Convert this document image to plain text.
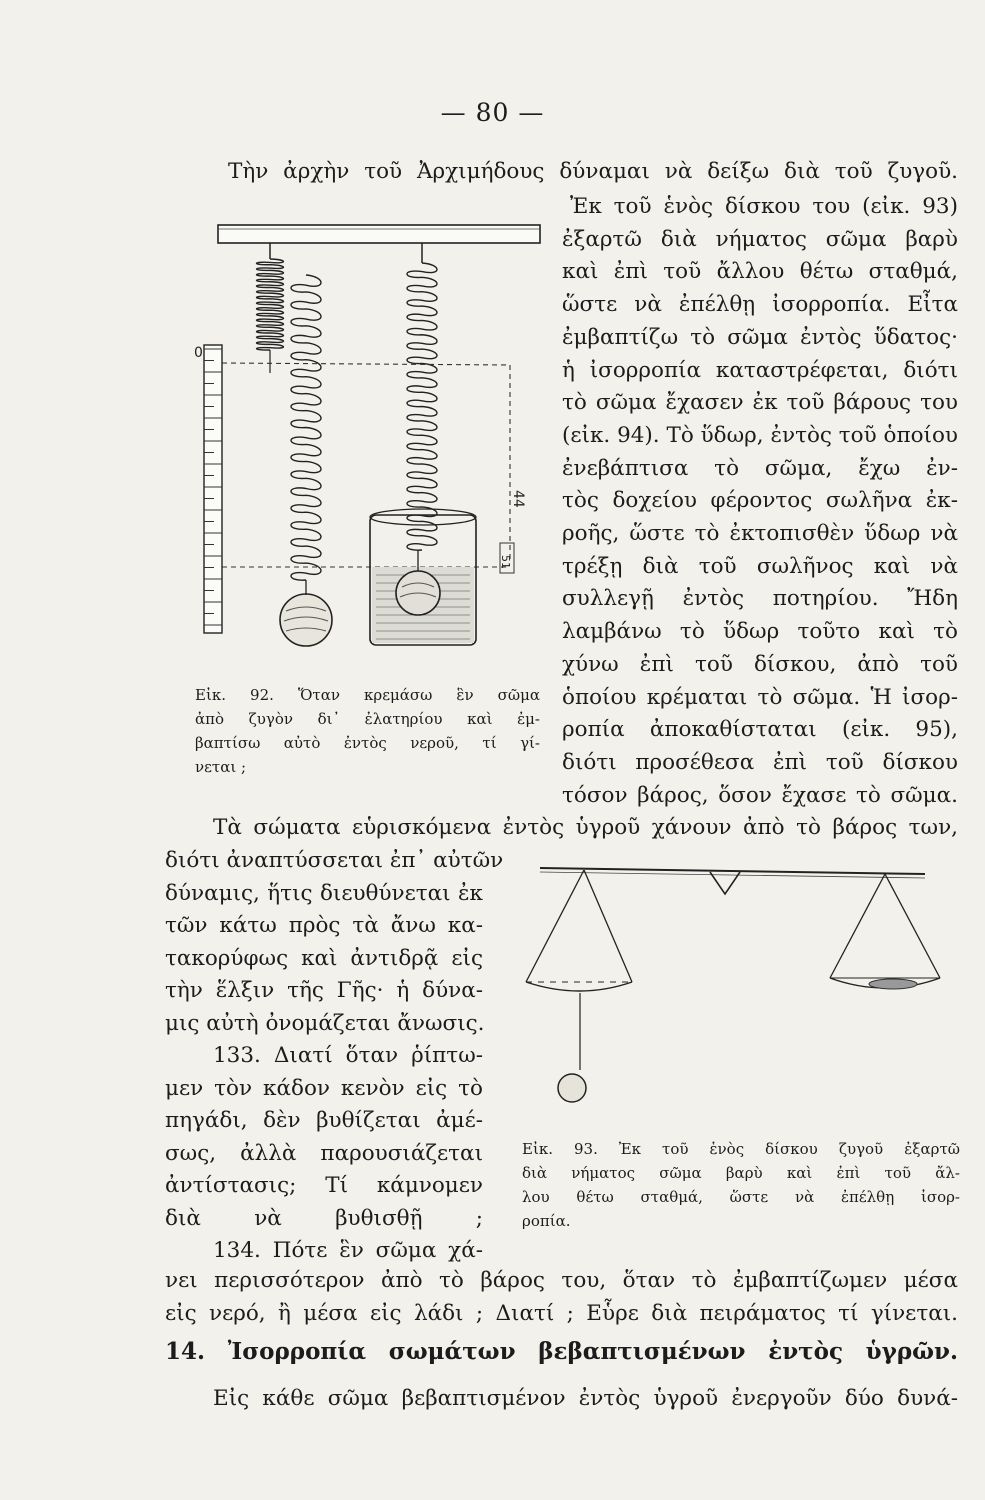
— 80 —
Τὴν ἀρχὴν τοῦ Ἀρχιμήδους δύναμαι νὰ δείξω διὰ τοῦ ζυγοῦ.
Ἐκ τοῦ ἑνὸς δίσκου του (εἰκ. 93)
ἐξαρτῶ διὰ νήματος σῶμα βαρὺ
καὶ ἐπὶ τοῦ ἄλλου θέτω σταθμά,
ὥστε νὰ ἐπέλθῃ ἰσορροπία. Εἶτα
ἐμβαπτίζω τὸ σῶμα ἐντὸς ὕδατος·
ἡ ἰσορροπία καταστρέφεται, διότι
τὸ σῶμα ἔχασεν ἐκ τοῦ βάρους του
(εἰκ. 94). Τὸ ὕδωρ, ἐντὸς τοῦ ὁποίου
ἐνεβάπτισα τὸ σῶμα, ἔχω ἐν-
τὸς δοχείου φέροντος σωλῆνα ἐκ-
ροῆς, ὥστε τὸ ἐκτοπισθὲν ὕδωρ νὰ
τρέξῃ διὰ τοῦ σωλῆνος καὶ νὰ
συλλεγῇ ἐντὸς ποτηρίου. Ἤδη
λαμβάνω τὸ ὕδωρ τοῦτο καὶ τὸ
χύνω ἐπὶ τοῦ δίσκου, ἀπὸ τοῦ
ὁποίου κρέμαται τὸ σῶμα. Ἡ ἰσορ-
ροπία ἀποκαθίσταται (εἰκ. 95),
διότι προσέθεσα ἐπὶ τοῦ δίσκου
τόσον βάρος, ὅσον ἔχασε τὸ σῶμα.
0
44
51
Εἰκ. 92. Ὅταν κρεμάσω ἓν σῶμα
ἀπὸ ζυγὸν δι᾽ ἐλατηρίου καὶ ἐμ-
βαπτίσω αὐτὸ ἐντὸς νεροῦ, τί γί-
νεται ;
Τὰ σώματα εὑρισκόμενα ἐντὸς ὑγροῦ χάνουν ἀπὸ τὸ βάρος των,
διότι ἀναπτύσσεται ἐπ᾽ αὐτῶν
δύναμις, ἥτις διευθύνεται ἐκ
τῶν κάτω πρὸς τὰ ἄνω κα-
τακορύφως καὶ ἀντιδρᾷ εἰς
τὴν ἕλξιν τῆς Γῆς· ἡ δύνα-
μις αὐτὴ ὀνομάζεται ἄνωσις.
133. Διατί ὅταν ῥίπτω-
μεν τὸν κάδον κενὸν εἰς τὸ
πηγάδι, δὲν βυθίζεται ἀμέ-
σως, ἀλλὰ παρουσιάζεται
ἀντίστασις; Τί κάμνομεν
διὰ νὰ βυθισθῇ ;
134. Πότε ἓν σῶμα χά-
Εἰκ. 93. Ἐκ τοῦ ἑνὸς δίσκου ζυγοῦ ἐξαρτῶ
διὰ νήματος σῶμα βαρὺ καὶ ἐπὶ τοῦ ἄλ-
λου θέτω σταθμά, ὥστε νὰ ἐπέλθῃ ἰσορ-
ροπία.
νει περισσότερον ἀπὸ τὸ βάρος του, ὅταν τὸ ἐμβαπτίζωμεν μέσα
εἰς νερό, ἢ μέσα εἰς λάδι ; Διατί ; Εὗρε διὰ πειράματος τί γίνεται.
14. Ἰσορροπία σωμάτων βεβαπτισμένων ἐντὸς ὑγρῶν.
Εἰς κάθε σῶμα βεβαπτισμένον ἐντὸς ὑγροῦ ἐνεργοῦν δύο δυνά-
